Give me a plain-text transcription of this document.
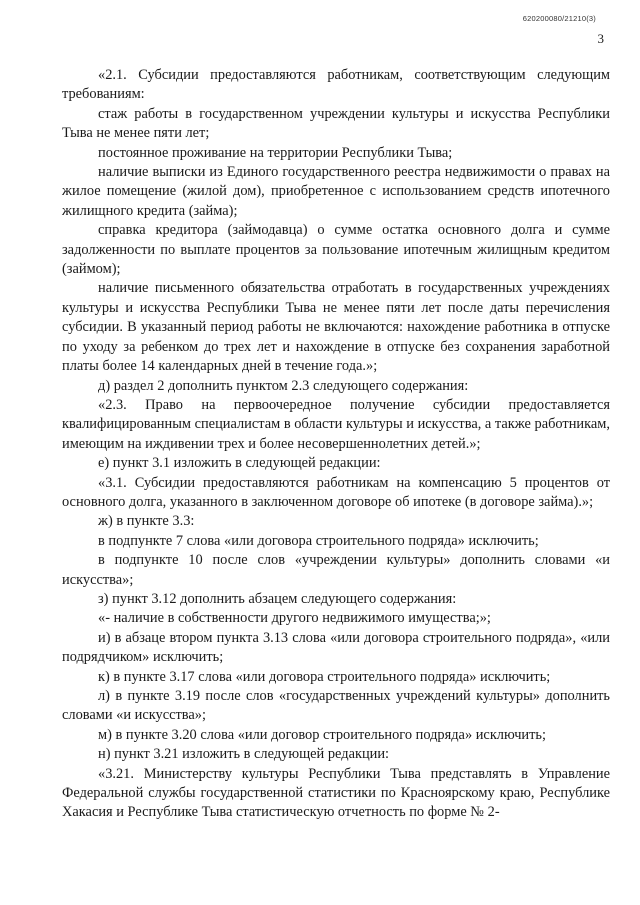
620200080/21210(3)
3

«2.1. Субсидии предоставляются работникам, соответствующим следующим требованиям:

стаж работы в государственном учреждении культуры и искусства Республики Тыва не менее пяти лет;

постоянное проживание на территории Республики Тыва;

наличие выписки из Единого государственного реестра недвижимости о правах на жилое помещение (жилой дом), приобретенное с использованием средств ипотечного жилищного кредита (займа);

справка кредитора (займодавца) о сумме остатка основного долга и сумме задолженности по выплате процентов за пользование ипотечным жилищным кредитом (займом);

наличие письменного обязательства отработать в государственных учреждениях культуры и искусства Республики Тыва не менее пяти лет после даты перечисления субсидии. В указанный период работы не включаются: нахождение работника в отпуске по уходу за ребенком до трех лет и нахождение в отпуске без сохранения заработной платы более 14 календарных дней в течение года.»;

д) раздел 2 дополнить пунктом 2.3 следующего содержания:

«2.3. Право на первоочередное получение субсидии предоставляется квалифицированным специалистам в области культуры и искусства, а также работникам, имеющим на иждивении трех и более несовершеннолетних детей.»;

е) пункт 3.1 изложить в следующей редакции:

«3.1. Субсидии предоставляются работникам на компенсацию 5 процентов от основного долга, указанного в заключенном договоре об ипотеке (в договоре займа).»;

ж) в пункте 3.3:

в подпункте 7 слова «или договора строительного подряда» исключить;

в подпункте 10 после слов «учреждении культуры» дополнить словами «и искусства»;

з) пункт 3.12 дополнить абзацем следующего содержания:

«- наличие в собственности другого недвижимого имущества;»;

и) в абзаце втором пункта 3.13 слова «или договора строительного подряда», «или подрядчиком» исключить;

к) в пункте 3.17 слова «или договора строительного подряда» исключить;

л) в пункте 3.19 после слов «государственных учреждений культуры» дополнить словами «и искусства»;

м) в пункте 3.20 слова «или договор строительного подряда» исключить;

н) пункт 3.21 изложить в следующей редакции:

«3.21. Министерству культуры Республики Тыва представлять в Управление Федеральной службы государственной статистики по Красноярскому краю, Республике Хакасия и Республике Тыва статистическую отчетность по форме № 2-
